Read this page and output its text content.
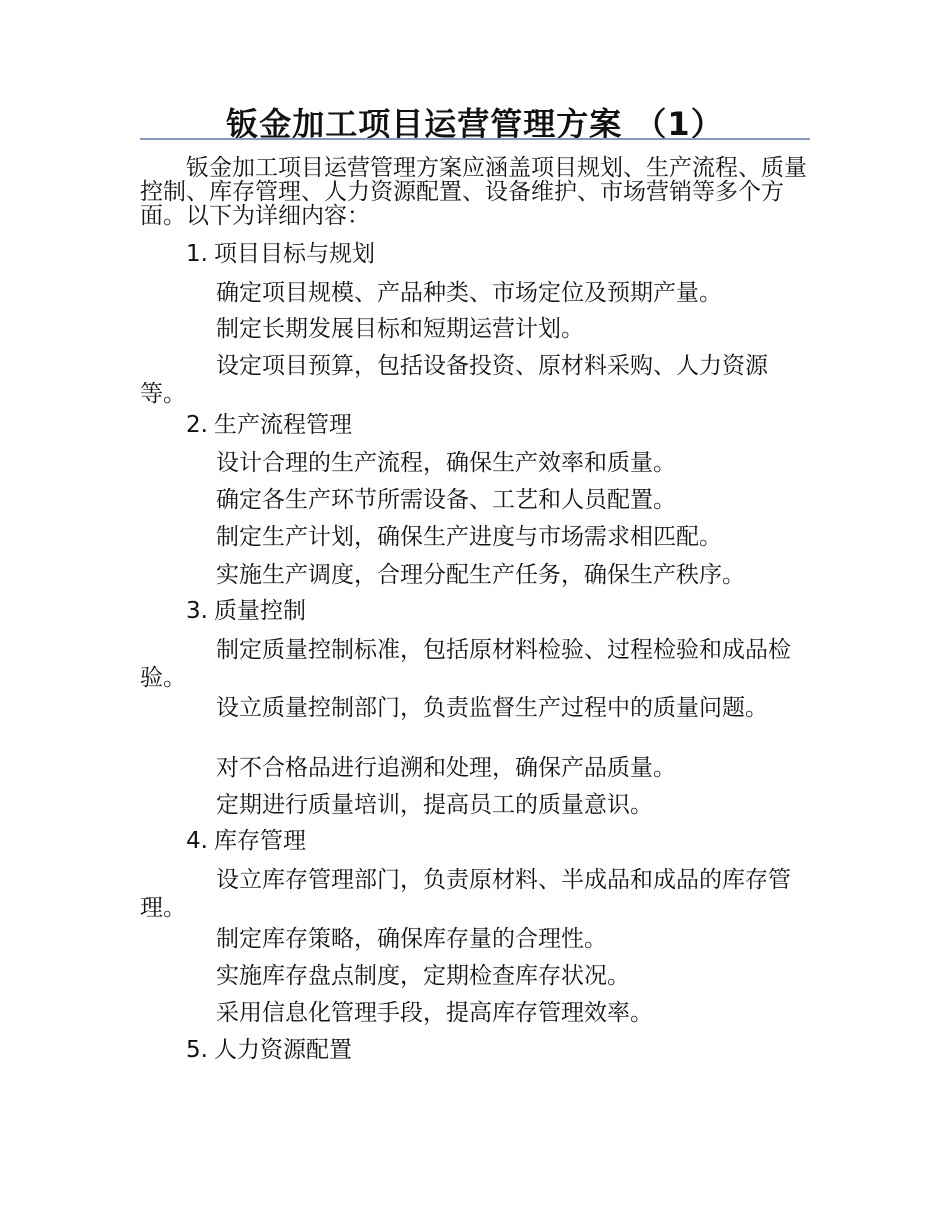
钣金加工项目运营管理方案 （1）
钣金加工项目运营管理方案应涵盖项目规划、生产流程、质量控制、库存管理、人力资源配置、设备维护、市场营销等多个方面。以下为详细内容：
1. 项目目标与规划
确定项目规模、产品种类、市场定位及预期产量。
制定长期发展目标和短期运营计划。
设定项目预算，包括设备投资、原材料采购、人力资源等。
2. 生产流程管理
设计合理的生产流程，确保生产效率和质量。
确定各生产环节所需设备、工艺和人员配置。
制定生产计划，确保生产进度与市场需求相匹配。
实施生产调度，合理分配生产任务，确保生产秩序。
3. 质量控制
制定质量控制标准，包括原材料检验、过程检验和成品检验。
设立质量控制部门，负责监督生产过程中的质量问题。
对不合格品进行追溯和处理，确保产品质量。
定期进行质量培训，提高员工的质量意识。
4. 库存管理
设立库存管理部门，负责原材料、半成品和成品的库存管理。
制定库存策略，确保库存量的合理性。
实施库存盘点制度，定期检查库存状况。
采用信息化管理手段，提高库存管理效率。
5. 人力资源配置
